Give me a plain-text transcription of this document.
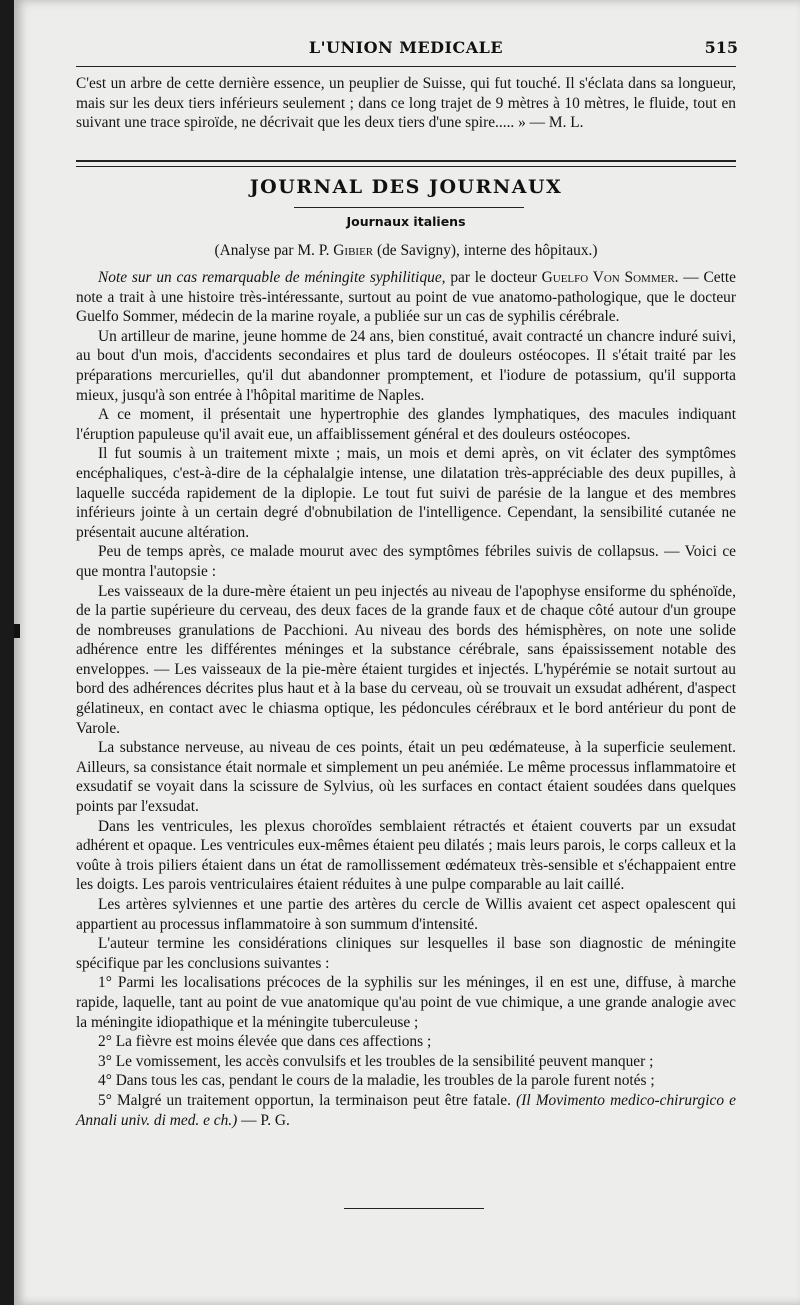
L'UNION MEDICALE	515

C'est un arbre de cette dernière essence, un peuplier de Suisse, qui fut touché. Il s'éclata dans sa longueur, mais sur les deux tiers inférieurs seulement ; dans ce long trajet de 9 mètres à 10 mètres, le fluide, tout en suivant une trace spiroïde, ne décrivait que les deux tiers d'une spire..... » — M. L.

JOURNAL DES JOURNAUX
Journaux italiens
(Analyse par M. P. Gibier (de Savigny), interne des hôpitaux.)

Note sur un cas remarquable de méningite syphilitique, par le docteur Guelfo Von Sommer. — Cette note a trait à une histoire très-intéressante, surtout au point de vue anatomo-pathologique, que le docteur Guelfo Sommer, médecin de la marine royale, a publiée sur un cas de syphilis cérébrale.

Un artilleur de marine, jeune homme de 24 ans, bien constitué, avait contracté un chancre induré suivi, au bout d'un mois, d'accidents secondaires et plus tard de douleurs ostéocopes. Il s'était traité par les préparations mercurielles, qu'il dut abandonner promptement, et l'iodure de potassium, qu'il supporta mieux, jusqu'à son entrée à l'hôpital maritime de Naples.

A ce moment, il présentait une hypertrophie des glandes lymphatiques, des macules indiquant l'éruption papuleuse qu'il avait eue, un affaiblissement général et des douleurs ostéocopes.

Il fut soumis à un traitement mixte ; mais, un mois et demi après, on vit éclater des symptômes encéphaliques, c'est-à-dire de la céphalalgie intense, une dilatation très-appréciable des deux pupilles, à laquelle succéda rapidement de la diplopie. Le tout fut suivi de parésie de la langue et des membres inférieurs jointe à un certain degré d'obnubilation de l'intelligence. Cependant, la sensibilité cutanée ne présentait aucune altération.

Peu de temps après, ce malade mourut avec des symptômes fébriles suivis de collapsus. — Voici ce que montra l'autopsie :

Les vaisseaux de la dure-mère étaient un peu injectés au niveau de l'apophyse ensiforme du sphénoïde, de la partie supérieure du cerveau, des deux faces de la grande faux et de chaque côté autour d'un groupe de nombreuses granulations de Pacchioni. Au niveau des bords des hémisphères, on note une solide adhérence entre les différentes méninges et la substance cérébrale, sans épaississement notable des enveloppes. — Les vaisseaux de la pie-mère étaient turgides et injectés. L'hypérémie se notait surtout au bord des adhérences décrites plus haut et à la base du cerveau, où se trouvait un exsudat adhérent, d'aspect gélatineux, en contact avec le chiasma optique, les pédoncules cérébraux et le bord antérieur du pont de Varole.

La substance nerveuse, au niveau de ces points, était un peu œdémateuse, à la superficie seulement. Ailleurs, sa consistance était normale et simplement un peu anémiée. Le même processus inflammatoire et exsudatif se voyait dans la scissure de Sylvius, où les surfaces en contact étaient soudées dans quelques points par l'exsudat.

Dans les ventricules, les plexus choroïdes semblaient rétractés et étaient couverts par un exsudat adhérent et opaque. Les ventricules eux-mêmes étaient peu dilatés ; mais leurs parois, le corps calleux et la voûte à trois piliers étaient dans un état de ramollissement œdémateux très-sensible et s'échappaient entre les doigts. Les parois ventriculaires étaient réduites à une pulpe comparable au lait caillé.

Les artères sylviennes et une partie des artères du cercle de Willis avaient cet aspect opalescent qui appartient au processus inflammatoire à son summum d'intensité.

L'auteur termine les considérations cliniques sur lesquelles il base son diagnostic de méningite spécifique par les conclusions suivantes :

1° Parmi les localisations précoces de la syphilis sur les méninges, il en est une, diffuse, à marche rapide, laquelle, tant au point de vue anatomique qu'au point de vue chimique, a une grande analogie avec la méningite idiopathique et la méningite tuberculeuse ;

2° La fièvre est moins élevée que dans ces affections ;

3° Le vomissement, les accès convulsifs et les troubles de la sensibilité peuvent manquer ;

4° Dans tous les cas, pendant le cours de la maladie, les troubles de la parole furent notés ;

5° Malgré un traitement opportun, la terminaison peut être fatale. (Il Movimento medico-chirurgico e Annali univ. di med. e ch.) — P. G.
